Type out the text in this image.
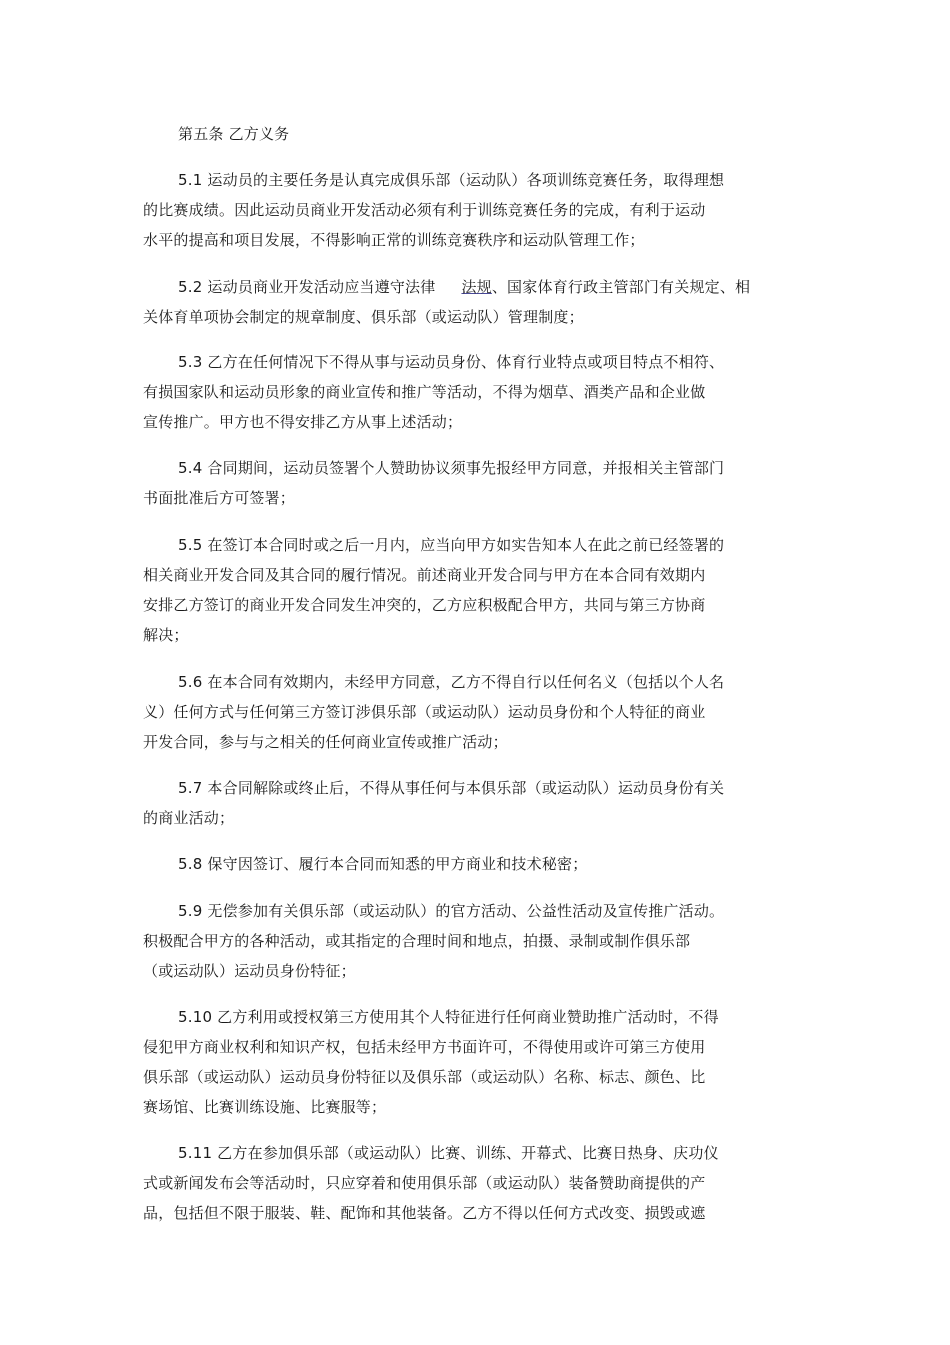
第五条 乙方义务
5.1 运动员的主要任务是认真完成俱乐部（运动队）各项训练竞赛任务，取得理想
的比赛成绩。因此运动员商业开发活动必须有利于训练竞赛任务的完成，有利于运动
水平的提高和项目发展，不得影响正常的训练竞赛秩序和运动队管理工作；
5.2 运动员商业开发活动应当遵守法律 法规、国家体育行政主管部门有关规定、相
关体育单项协会制定的规章制度、俱乐部（或运动队）管理制度；
5.3 乙方在任何情况下不得从事与运动员身份、体育行业特点或项目特点不相符、
有损国家队和运动员形象的商业宣传和推广等活动，不得为烟草、酒类产品和企业做
宣传推广。甲方也不得安排乙方从事上述活动；
5.4 合同期间，运动员签署个人赞助协议须事先报经甲方同意，并报相关主管部门
书面批准后方可签署；
5.5 在签订本合同时或之后一月内，应当向甲方如实告知本人在此之前已经签署的
相关商业开发合同及其合同的履行情况。前述商业开发合同与甲方在本合同有效期内
安排乙方签订的商业开发合同发生冲突的，乙方应积极配合甲方，共同与第三方协商
解决；
5.6 在本合同有效期内，未经甲方同意，乙方不得自行以任何名义（包括以个人名
义）任何方式与任何第三方签订涉俱乐部（或运动队）运动员身份和个人特征的商业
开发合同，参与与之相关的任何商业宣传或推广活动；
5.7 本合同解除或终止后，不得从事任何与本俱乐部（或运动队）运动员身份有关
的商业活动；
5.8 保守因签订、履行本合同而知悉的甲方商业和技术秘密；
5.9 无偿参加有关俱乐部（或运动队）的官方活动、公益性活动及宣传推广活动。
积极配合甲方的各种活动，或其指定的合理时间和地点，拍摄、录制或制作俱乐部
（或运动队）运动员身份特征；
5.10 乙方利用或授权第三方使用其个人特征进行任何商业赞助推广活动时，不得
侵犯甲方商业权利和知识产权，包括未经甲方书面许可，不得使用或许可第三方使用
俱乐部（或运动队）运动员身份特征以及俱乐部（或运动队）名称、标志、颜色、比
赛场馆、比赛训练设施、比赛服等；
5.11 乙方在参加俱乐部（或运动队）比赛、训练、开幕式、比赛日热身、庆功仪
式或新闻发布会等活动时，只应穿着和使用俱乐部（或运动队）装备赞助商提供的产
品，包括但不限于服装、鞋、配饰和其他装备。乙方不得以任何方式改变、损毁或遮
